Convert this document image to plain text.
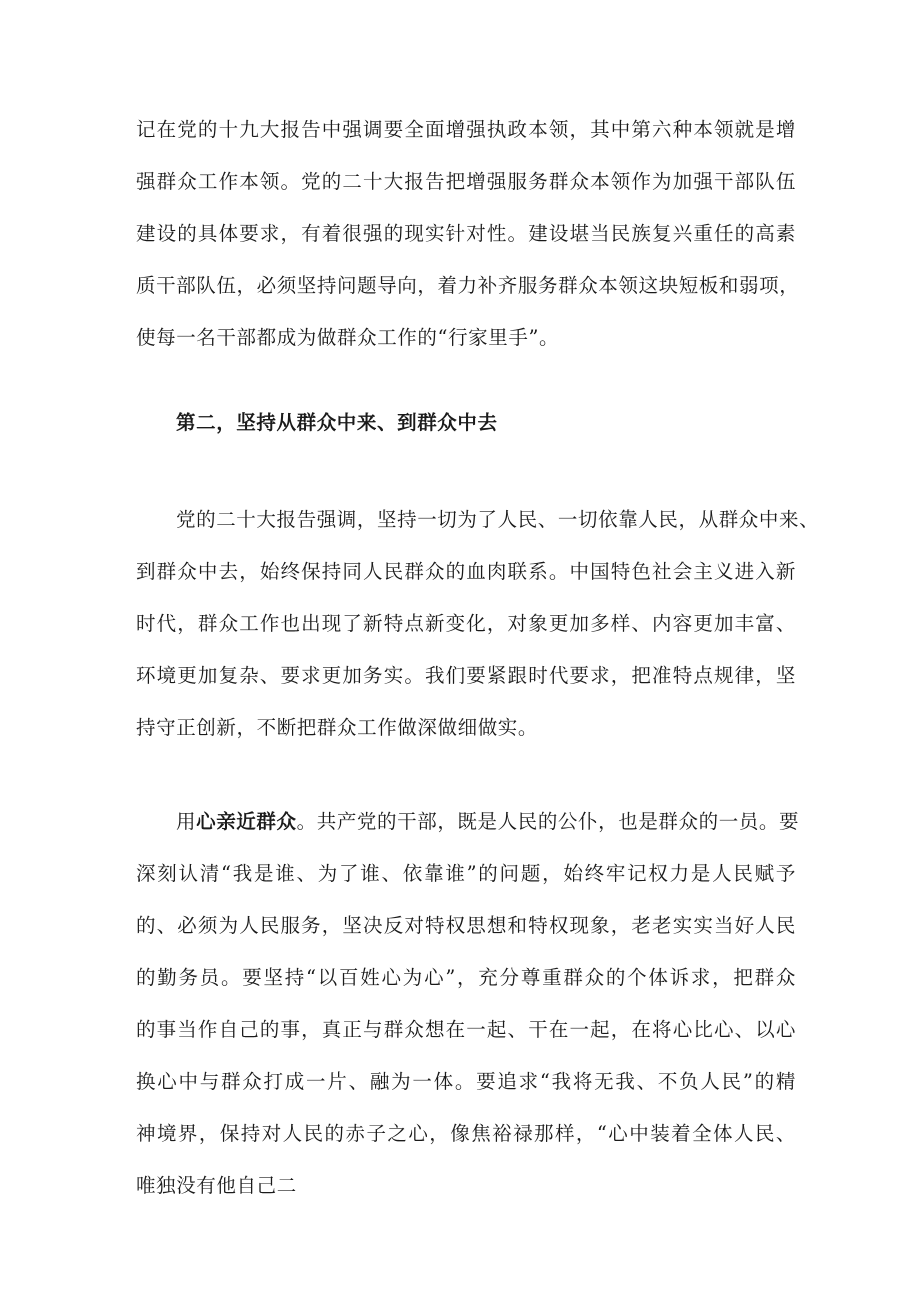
记在党的十九大报告中强调要全面增强执政本领，其中第六种本领就是增
强群众工作本领。党的二十大报告把增强服务群众本领作为加强干部队伍
建设的具体要求，有着很强的现实针对性。建设堪当民族复兴重任的高素
质干部队伍，必须坚持问题导向，着力补齐服务群众本领这块短板和弱项，
使每一名干部都成为做群众工作的“行家里手”。
第二，坚持从群众中来、到群众中去
党的二十大报告强调，坚持一切为了人民、一切依靠人民，从群众中来、
到群众中去，始终保持同人民群众的血肉联系。中国特色社会主义进入新
时代，群众工作也出现了新特点新变化，对象更加多样、内容更加丰富、
环境更加复杂、要求更加务实。我们要紧跟时代要求，把准特点规律，坚
持守正创新，不断把群众工作做深做细做实。
用心亲近群众。共产党的干部，既是人民的公仆，也是群众的一员。要
深刻认清“我是谁、为了谁、依靠谁”的问题，始终牢记权力是人民赋予
的、必须为人民服务，坚决反对特权思想和特权现象，老老实实当好人民
的勤务员。要坚持“以百姓心为心”，充分尊重群众的个体诉求，把群众
的事当作自己的事，真正与群众想在一起、干在一起，在将心比心、以心
换心中与群众打成一片、融为一体。要追求“我将无我、不负人民”的精
神境界，保持对人民的赤子之心，像焦裕禄那样，“心中装着全体人民、
唯独没有他自己二
